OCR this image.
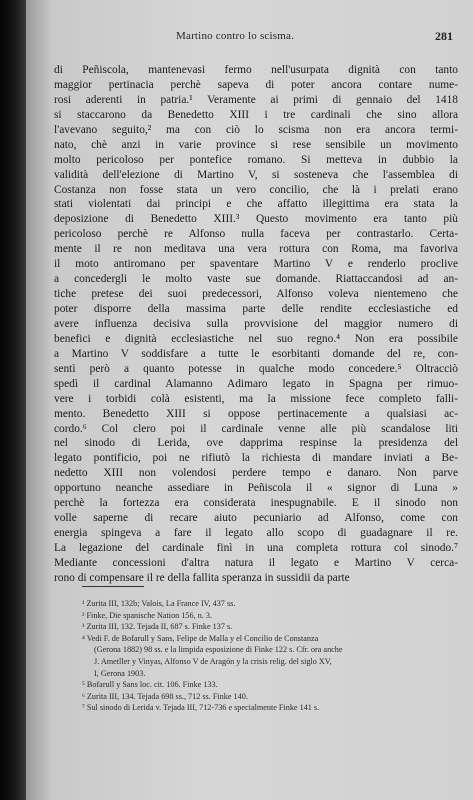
Martino contro lo scisma.	281
di Peñiscola, mantenevasi fermo nell'usurpata dignità con tanto
maggior pertinacia perchè sapeva di poter ancora contare nume-
rosi aderenti in patria.¹ Veramente ai primi di gennaio del 1418
si staccarono da Benedetto XIII i tre cardinali che sino allora
l'avevano seguito,² ma con ciò lo scisma non era ancora termi-
nato, chè anzi in varie province si rese sensibile un movimento
molto pericoloso per pontefice romano. Si metteva in dubbio la
validità dell'elezione di Martino V, si sosteneva che l'assemblea di
Costanza non fosse stata un vero concilio, che là i prelati erano
stati violentati dai principi e che affatto illegittima era stata la
deposizione di Benedetto XIII.³ Questo movimento era tanto più
pericoloso perchè re Alfonso nulla faceva per contrastarlo. Certa-
mente il re non meditava una vera rottura con Roma, ma favoriva
il moto antiromano per spaventare Martino V e renderlo proclive
a concedergli le molto vaste sue domande. Riattaccandosi ad an-
tiche pretese dei suoi predecessori, Alfonso voleva nientemeno che
poter disporre della massima parte delle rendite ecclesiastiche ed
avere influenza decisiva sulla provvisione del maggior numero di
benefici e dignità ecclesiastiche nel suo regno.⁴ Non era possibile
a Martino V soddisfare a tutte le esorbitanti domande del re, con-
sentì però a quanto potesse in qualche modo concedere.⁵ Oltracciò
spedì il cardinal Alamanno Adimaro legato in Spagna per rimuo-
vere i torbidi colà esistenti, ma la missione fece completo falli-
mento. Benedetto XIII si oppose pertinacemente a qualsiasi ac-
cordo.⁶ Col clero poi il cardinale venne alle più scandalose liti
nel sinodo di Lerida, ove dapprima respinse la presidenza del
legato pontificio, poi ne rifiutò la richiesta di mandare inviati a Be-
nedetto XIII non volendosi perdere tempo e danaro. Non parve
opportuno neanche assediare in Peñiscola il « signor di Luna »
perchè la fortezza era considerata inespugnabile. E il sinodo non
volle saperne di recare aiuto pecuniario ad Alfonso, come con
energia spingeva a fare il legato allo scopo di guadagnare il re.
La legazione del cardinale finì in una completa rottura col sinodo.⁷
Mediante concessioni d'altra natura il legato e Martino V cerca-
rono di compensare il re della fallita speranza in sussidii da parte
¹ Zurita III, 132b; Valois, La France IV, 437 ss.
² Finke, Die spanische Nation 156, n. 3.
³ Zurita III, 132. Tejada II, 687 s. Finke 137 s.
⁴ Vedi F. de Bofarull y Sans, Felipe de Malla y el Concilio de Constanza
(Gerona 1882) 98 ss. e la limpida esposizione di Finke 122 s. Cfr. ora anche
J. Ametller y Vinyas, Alfonso V de Aragón y la crisis relig. del siglo XV,
I, Gerona 1903.
⁵ Bofarull y Sans loc. cit. 106. Finke 133.
⁶ Zurita III, 134. Tejada 698 ss., 712 ss. Finke 140.
⁷ Sul sinodo di Lerida v. Tejada III, 712-736 e specialmente Finke 141 s.
